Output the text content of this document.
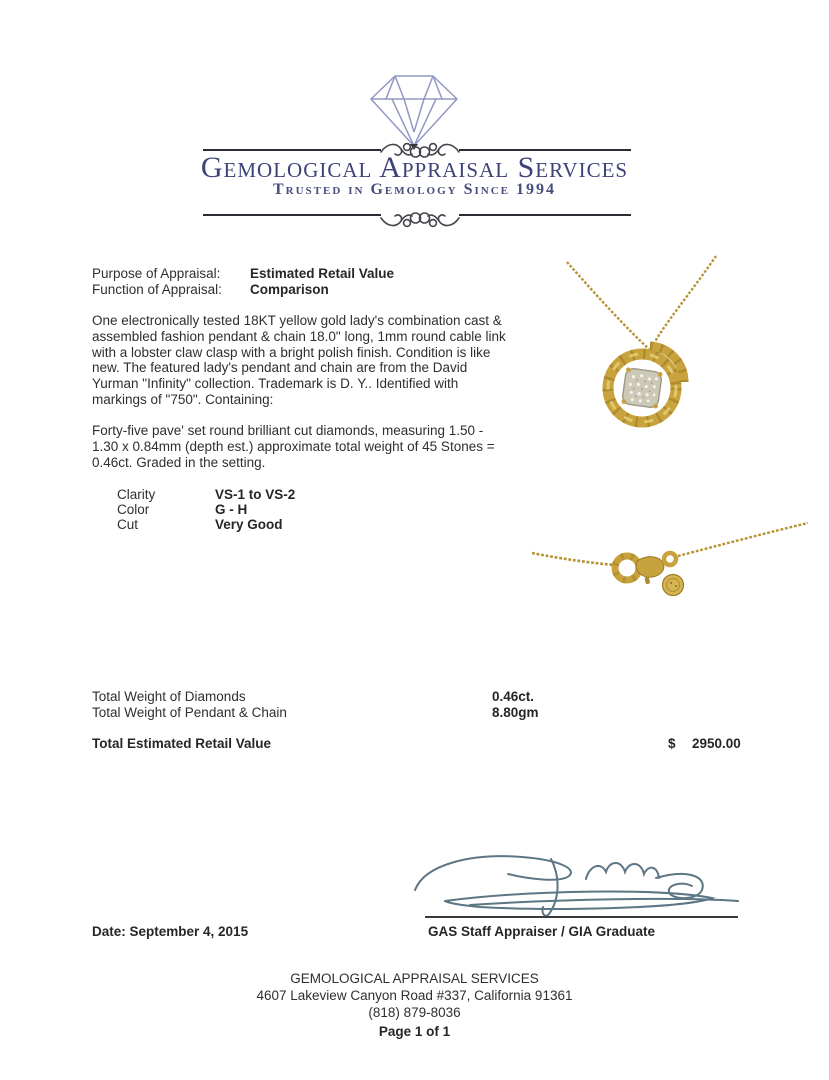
Gemological Appraisal Services
Trusted in Gemology Since 1994
Purpose of Appraisal: Estimated Retail Value
Function of Appraisal: Comparison
One electronically tested 18KT yellow gold lady's combination cast & assembled fashion pendant & chain 18.0" long, 1mm round cable link with a lobster claw clasp with a bright polish finish. Condition is like new. The featured lady's pendant and chain are from the David Yurman "Infinity" collection. Trademark is D. Y.. Identified with markings of "750". Containing:
Forty-five pave' set round brilliant cut diamonds, measuring 1.50 - 1.30 x 0.84mm (depth est.) approximate total weight of 45 Stones = 0.46ct. Graded in the setting.
Clarity	VS-1 to VS-2
Color	G - H
Cut	Very Good
Total Weight of Diamonds	0.46ct.
Total Weight of Pendant & Chain	8.80gm
Total Estimated Retail Value	$ 2950.00
Date: September 4, 2015	GAS Staff Appraiser / GIA Graduate
GEMOLOGICAL APPRAISAL SERVICES
4607 Lakeview Canyon Road #337, California 91361
(818) 879-8036
Page 1 of 1
